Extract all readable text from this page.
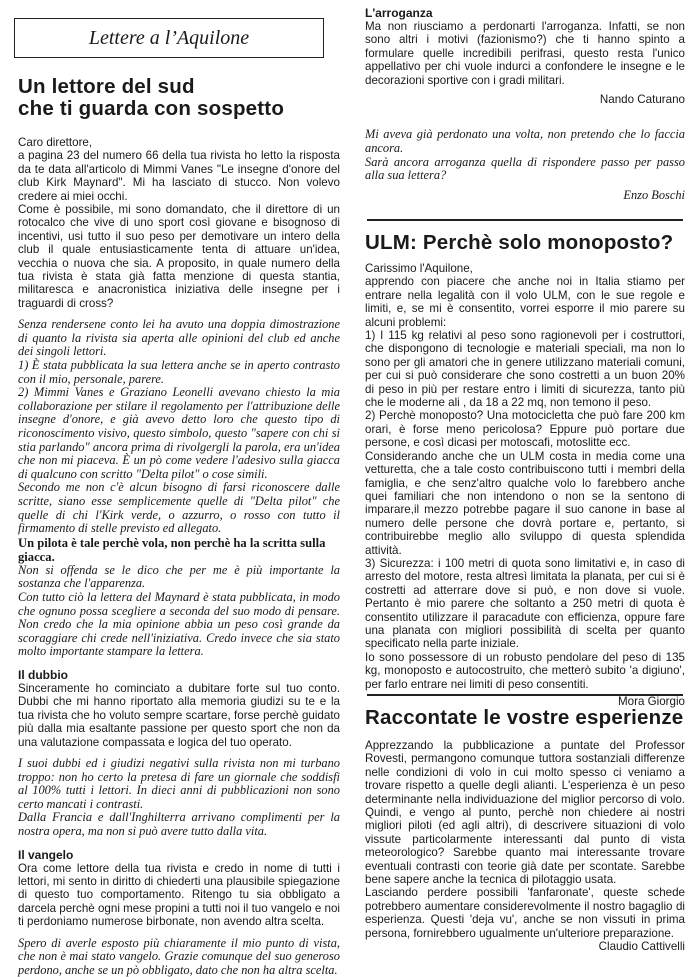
Lettere a l’Aquilone

Un lettore del sud

che ti guarda con sospetto

Caro direttore,

a pagina 23 del numero 66 della tua rivista ho letto la risposta da te data all'articolo di Mimmi Vanes "Le insegne d'onore del club Kirk Maynard". Mi ha lasciato di stucco. Non volevo credere ai miei occhi.

Come è possibile, mi sono domandato, che il direttore di un rotocalco che vive di uno sport così giovane e bisognoso di incentivi, usi tutto il suo peso per demotivare un intero della club il quale entusiasticamente tenta di attuare un'idea, vecchia o nuova che sia. A proposito, in quale numero della tua rivista è stata già fatta menzione di questa stantia, militaresca e anacronistica iniziativa delle insegne per i traguardi di cross?

Senza rendersene conto lei ha avuto una doppia dimostrazione di quanto la rivista sia aperta alle opinioni del club ed anche dei singoli lettori.

1) È stata pubblicata la sua lettera anche se in aperto contrasto con il mio, personale, parere.

2) Mimmi Vanes e Graziano Leonelli avevano chiesto la mia collaborazione per stilare il regolamento per l'attribuzione delle insegne d'onore, e già avevo detto loro che questo tipo di riconoscimento visivo, questo simbolo, questo "sapere con chi si stia parlando" ancora prima di rivolgergli la parola, era un'idea che non mi piaceva. È un pò come vedere l'adesivo sulla giacca di qualcuno con scritto "Delta pilot" o cose simili.

Secondo me non c'è alcun bisogno di farsi riconoscere dalle scritte, siano esse semplicemente quelle di "Delta pilot" che quelle di chi l'Kirk verde, o azzurro, o rosso con tutto il firmamento di stelle previsto ed allegato.

Un pilota è tale perchè vola, non perchè ha la scritta sulla giacca.

Non si offenda se le dico che per me è più importante la sostanza che l'apparenza.

Con tutto ciò la lettera del Maynard è stata pubblicata, in modo che ognuno possa scegliere a seconda del suo modo di pensare. Non credo che la mia opinione abbia un peso così grande da scoraggiare chi crede nell'iniziativa. Credo invece che sia stato molto importante stampare la lettera.

Il dubbio

Sinceramente ho cominciato a dubitare forte sul tuo conto. Dubbi che mi hanno riportato alla memoria giudizi su te e la tua rivista che ho voluto sempre scartare, forse perchè guidato più dalla mia esaltante passione per questo sport che non da una valutazione compassata e logica del tuo operato.

I suoi dubbi ed i giudizi negativi sulla rivista non mi turbano troppo: non ho certo la pretesa di fare un giornale che soddisfi al 100% tutti i lettori. In dieci anni di pubblicazioni non sono certo mancati i contrasti.

Dalla Francia e dall'Inghilterra arrivano complimenti per la nostra opera, ma non si può avere tutto dalla vita.

Il vangelo

Ora come lettore della tua rivista e credo in nome di tutti i lettori, mi sento in diritto di chiederti una plausibile spiegazione di questo tuo comportamento. Ritengo tu sia obbligato a darcela perchè ogni mese propini a tutti noi il tuo vangelo e noi ti perdoniamo numerose birbonate, non avendo altra scelta.

Spero di averle esposto più chiaramente il mio punto di vista, che non è mai stato vangelo. Grazie comunque del suo generoso perdono, anche se un pò obbligato, dato che non ha altra scelta.

L'arroganza

Ma non riusciamo a perdonarti l'arroganza. Infatti, se non sono altri i motivi (fazionismo?) che ti hanno spinto a formulare quelle incredibili perifrasi, questo resta l'unico appellativo per chi vuole indurci a confondere le insegne e le decorazioni sportive con i gradi militari.

Nando Caturano

Mi aveva già perdonato una volta, non pretendo che lo faccia ancora.

Sarà ancora arroganza quella di rispondere passo per passo alla sua lettera?

Enzo Boschi

ULM: Perchè solo monoposto?

Carissimo l'Aquilone,

apprendo con piacere che anche noi in Italia stiamo per entrare nella legalità con il volo ULM, con le sue regole e limiti, e, se mi è consentito, vorrei esporre il mio parere su alcuni problemi:

1) I 115 kg relativi al peso sono ragionevoli per i costruttori, che dispongono di tecnologie e materiali speciali, ma non lo sono per gli amatori che in genere utilizzano materiali comuni, per cui si può considerare che sono costretti a un buon 20% di peso in più per restare entro i limiti di sicurezza, tanto più che le moderne ali , da 18 a 22 mq, non temono il peso.

2) Perchè monoposto? Una motocicletta che può fare 200 km orari, è forse meno pericolosa? Eppure può portare due persone, e così dicasi per motoscafi, motoslitte ecc.

Considerando anche che un ULM costa in media come una vetturetta, che a tale costo contribuiscono tutti i membri della famiglia, e che senz'altro qualche volo lo farebbero anche quei familiari che non intendono o non se la sentono di imparare,il mezzo potrebbe pagare il suo canone in base al numero delle persone che dovrà portare e, pertanto, si contribuirebbe meglio allo sviluppo di questa splendida attività.

3) Sicurezza: i 100 metri di quota sono limitativi e, in caso di arresto del motore, resta altresì limitata la planata, per cui si è costretti ad atterrare dove si può, e non dove si vuole. Pertanto è mio parere che soltanto a 250 metri di quota è consentito utilizzare il paracadute con efficienza, oppure fare una planata con migliori possibilità di scelta per quanto specificato nella parte iniziale.

Io sono possessore di un robusto pendolare del peso di 135 kg, monoposto e autocostruito, che metterò subito 'a digiuno', per farlo entrare nei limiti di peso consentiti.

Mora Giorgio

Raccontate le vostre esperienze

Apprezzando la pubblicazione a puntate del Professor Rovesti, permangono comunque tuttora sostanziali differenze nelle condizioni di volo in cui molto spesso ci veniamo a trovare rispetto a quelle degli alianti. L'esperienza è un peso determinante nella individuazione del miglior percorso di volo. Quindi, e vengo al punto, perchè non chiedere ai nostri migliori piloti (ed agli altri), di descrivere situazioni di volo vissute particolarmente interessanti dal punto di vista meteorologico? Sarebbe quanto mai interessante trovare eventuali contrasti con teorie già date per scontate. Sarebbe bene sapere anche la tecnica di pilotaggio usata.

Lasciando perdere possibili 'fanfaronate', queste schede potrebbero aumentare considerevolmente il nostro bagaglio di esperienza. Questi 'deja vu', anche se non vissuti in prima persona, fornirebbero ugualmente un'ulteriore preparazione.

Claudio Cattivelli
